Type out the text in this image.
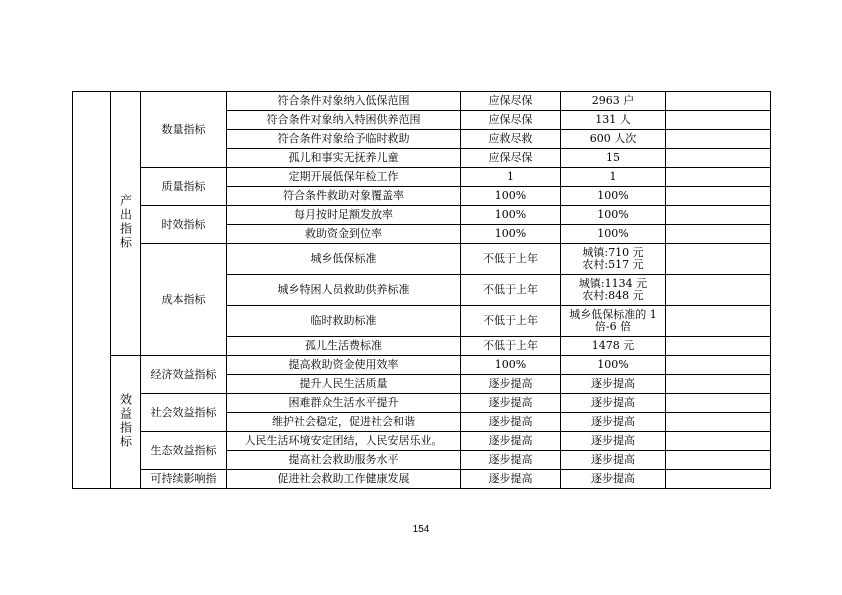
	产出指标	数量指标	符合条件对象纳入低保范围	应保尽保	2963 户	
			符合条件对象纳入特困供养范围	应保尽保	131 人	
			符合条件对象给予临时救助	应救尽救	600 人次	
			孤儿和事实无抚养儿童	应保尽保	15	
		质量指标	定期开展低保年检工作	1	1	
			符合条件救助对象覆盖率	100%	100%	
		时效指标	每月按时足额发放率	100%	100%	
			救助资金到位率	100%	100%	
		成本指标	城乡低保标准	不低于上年	城镇:710 元
农村:517 元	

			城乡特困人员救助供养标准	不低于上年	城镇:1134 元
农村:848 元	

			临时救助标准	不低于上年	城乡低保标准的 1
倍-6 倍	

			孤儿生活费标准	不低于上年	1478 元	
	效益指标	经济效益指标	提高救助资金使用效率	100%	100%	
			提升人民生活质量	逐步提高	逐步提高	
		社会效益指标	困难群众生活水平提升	逐步提高	逐步提高	
			维护社会稳定，促进社会和谐	逐步提高	逐步提高	
		生态效益指标	人民生活环境安定团结，人民安居乐业。	逐步提高	逐步提高	
			提高社会救助服务水平	逐步提高	逐步提高	
		可持续影响指	促进社会救助工作健康发展	逐步提高	逐步提高	
154
